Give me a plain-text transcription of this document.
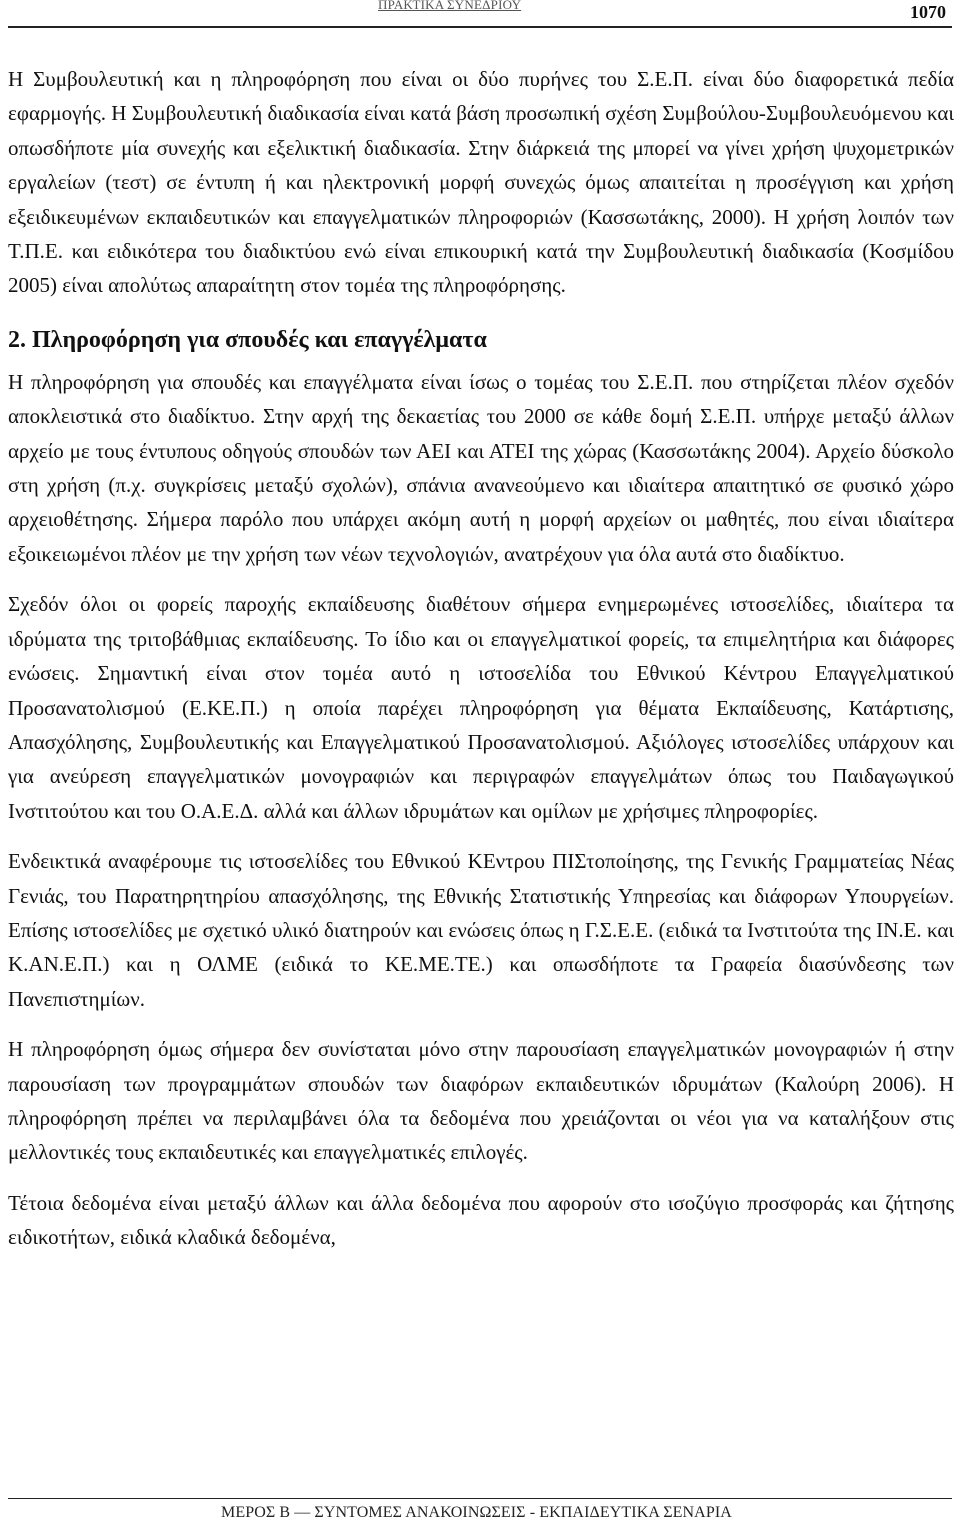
ΠΡΑΚΤΙΚΑ ΣΥΝΕΔΡΙΟΥ	1070

Η Συμβουλευτική και η πληροφόρηση που είναι οι δύο πυρήνες του Σ.Ε.Π. είναι δύο διαφορετικά πεδία εφαρμογής. Η Συμβουλευτική διαδικασία είναι κατά βάση προσωπική σχέση Συμβούλου-Συμβουλευόμενου και οπωσδήποτε μία συνεχής και εξελικτική διαδικασία. Στην διάρκειά της μπορεί να γίνει χρήση ψυχομετρικών εργαλείων (τεστ) σε έντυπη ή και ηλεκτρονική μορφή συνεχώς όμως απαιτείται η προσέγγιση και χρήση εξειδικευμένων εκπαιδευτικών και επαγγελματικών πληροφοριών (Κασσωτάκης, 2000). Η χρήση λοιπόν των Τ.Π.Ε. και ειδικότερα του διαδικτύου ενώ είναι επικουρική κατά την Συμβουλευτική διαδικασία (Κοσμίδου 2005) είναι απολύτως απαραίτητη στον τομέα της πληροφόρησης.

2. Πληροφόρηση για σπουδές και επαγγέλματα

Η πληροφόρηση για σπουδές και επαγγέλματα είναι ίσως ο τομέας του Σ.Ε.Π. που στηρίζεται πλέον σχεδόν αποκλειστικά στο διαδίκτυο. Στην αρχή της δεκαετίας του 2000 σε κάθε δομή Σ.Ε.Π. υπήρχε μεταξύ άλλων αρχείο με τους έντυπους οδηγούς σπουδών των ΑΕΙ και ΑΤΕΙ της χώρας (Κασσωτάκης 2004). Αρχείο δύσκολο στη χρήση (π.χ. συγκρίσεις μεταξύ σχολών), σπάνια ανανεούμενο και ιδιαίτερα απαιτητικό σε φυσικό χώρο αρχειοθέτησης. Σήμερα παρόλο που υπάρχει ακόμη αυτή η μορφή αρχείων οι μαθητές, που είναι ιδιαίτερα εξοικειωμένοι πλέον με την χρήση των νέων τεχνολογιών, ανατρέχουν για όλα αυτά στο διαδίκτυο.

Σχεδόν όλοι οι φορείς παροχής εκπαίδευσης διαθέτουν σήμερα ενημερωμένες ιστοσελίδες, ιδιαίτερα τα ιδρύματα της τριτοβάθμιας εκπαίδευσης. Το ίδιο και οι επαγγελματικοί φορείς, τα επιμελητήρια και διάφορες ενώσεις. Σημαντική είναι στον τομέα αυτό η ιστοσελίδα του Εθνικού Κέντρου Επαγγελματικού Προσανατολισμού (Ε.ΚΕ.Π.) η οποία παρέχει πληροφόρηση για θέματα Εκπαίδευσης, Κατάρτισης, Απασχόλησης, Συμβουλευτικής και Επαγγελματικού Προσανατολισμού. Αξιόλογες ιστοσελίδες υπάρχουν και για ανεύρεση επαγγελματικών μονογραφιών και περιγραφών επαγγελμάτων όπως του Παιδαγωγικού Ινστιτούτου και του Ο.Α.Ε.Δ. αλλά και άλλων ιδρυμάτων και ομίλων με χρήσιμες πληροφορίες.

Ενδεικτικά αναφέρουμε τις ιστοσελίδες του Εθνικού ΚΕντρου ΠΙΣτοποίησης, της Γενικής Γραμματείας Νέας Γενιάς, του Παρατηρητηρίου απασχόλησης, της Εθνικής Στατιστικής Υπηρεσίας και διάφορων Υπουργείων. Επίσης ιστοσελίδες με σχετικό υλικό διατηρούν και ενώσεις όπως η Γ.Σ.Ε.Ε. (ειδικά τα Ινστιτούτα της ΙΝ.Ε. και Κ.ΑΝ.Ε.Π.) και η ΟΛΜΕ (ειδικά το ΚΕ.ΜΕ.ΤΕ.) και οπωσδήποτε τα Γραφεία διασύνδεσης των Πανεπιστημίων.

Η πληροφόρηση όμως σήμερα δεν συνίσταται μόνο στην παρουσίαση επαγγελματικών μονογραφιών ή στην παρουσίαση των προγραμμάτων σπουδών των διαφόρων εκπαιδευτικών ιδρυμάτων (Καλούρη 2006). Η πληροφόρηση πρέπει να περιλαμβάνει όλα τα δεδομένα που χρειάζονται οι νέοι για να καταλήξουν στις μελλοντικές τους εκπαιδευτικές και επαγγελματικές επιλογές.

Τέτοια δεδομένα είναι μεταξύ άλλων και άλλα δεδομένα που αφορούν στο ισοζύγιο προσφοράς και ζήτησης ειδικοτήτων, ειδικά κλαδικά δεδομένα,

ΜΕΡΟΣ Β — ΣΥΝΤΟΜΕΣ ΑΝΑΚΟΙΝΩΣΕΙΣ - ΕΚΠΑΙΔΕΥΤΙΚΑ ΣΕΝΑΡΙΑ
